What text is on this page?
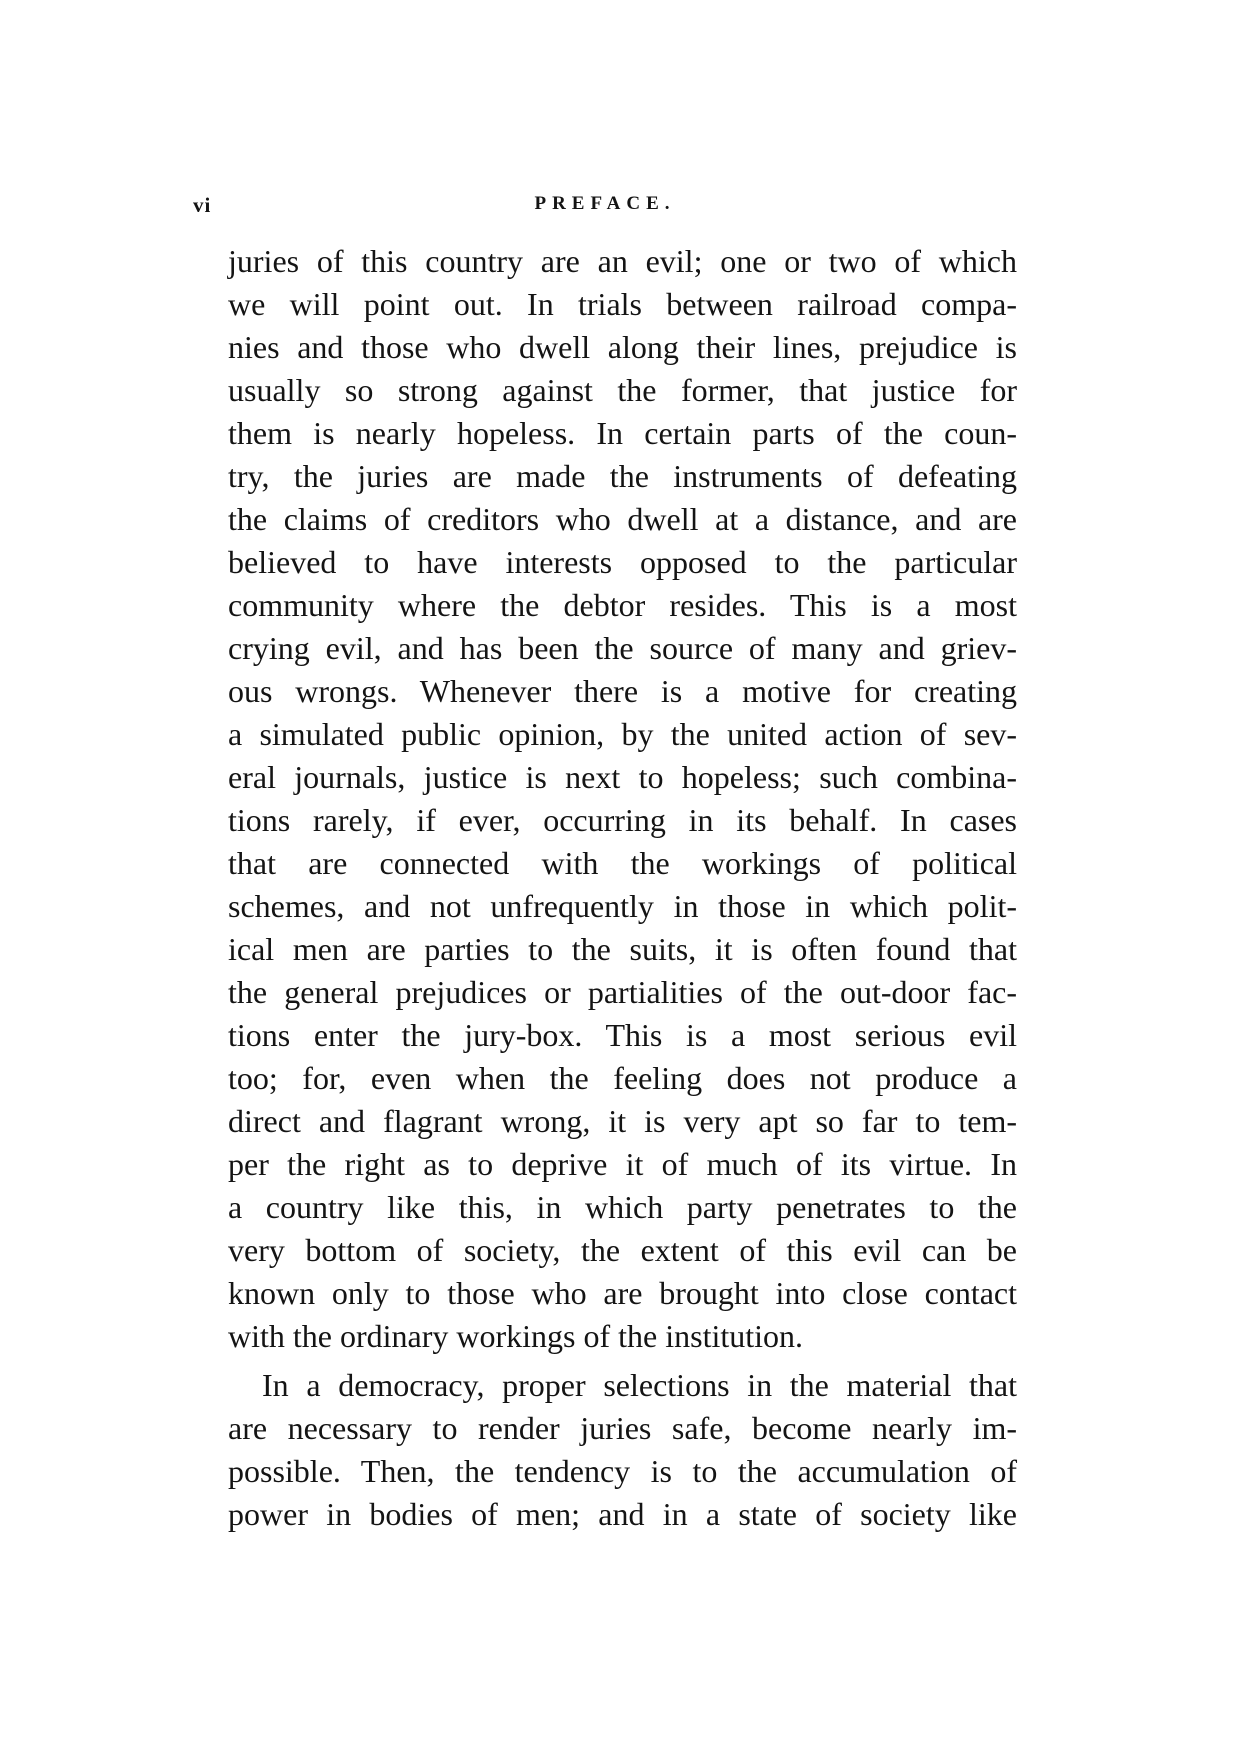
vi	PREFACE.
juries of this country are an evil; one or two of which
we will point out. In trials between railroad compa-
nies and those who dwell along their lines, prejudice is
usually so strong against the former, that justice for
them is nearly hopeless. In certain parts of the coun-
try, the juries are made the instruments of defeating
the claims of creditors who dwell at a distance, and are
believed to have interests opposed to the particular
community where the debtor resides. This is a most
crying evil, and has been the source of many and griev-
ous wrongs. Whenever there is a motive for creating
a simulated public opinion, by the united action of sev-
eral journals, justice is next to hopeless; such combina-
tions rarely, if ever, occurring in its behalf. In cases
that are connected with the workings of political
schemes, and not unfrequently in those in which polit-
ical men are parties to the suits, it is often found that
the general prejudices or partialities of the out-door fac-
tions enter the jury-box. This is a most serious evil
too; for, even when the feeling does not produce a
direct and flagrant wrong, it is very apt so far to tem-
per the right as to deprive it of much of its virtue. In
a country like this, in which party penetrates to the
very bottom of society, the extent of this evil can be
known only to those who are brought into close contact
with the ordinary workings of the institution.
In a democracy, proper selections in the material that
are necessary to render juries safe, become nearly im-
possible. Then, the tendency is to the accumulation of
power in bodies of men; and in a state of society like
